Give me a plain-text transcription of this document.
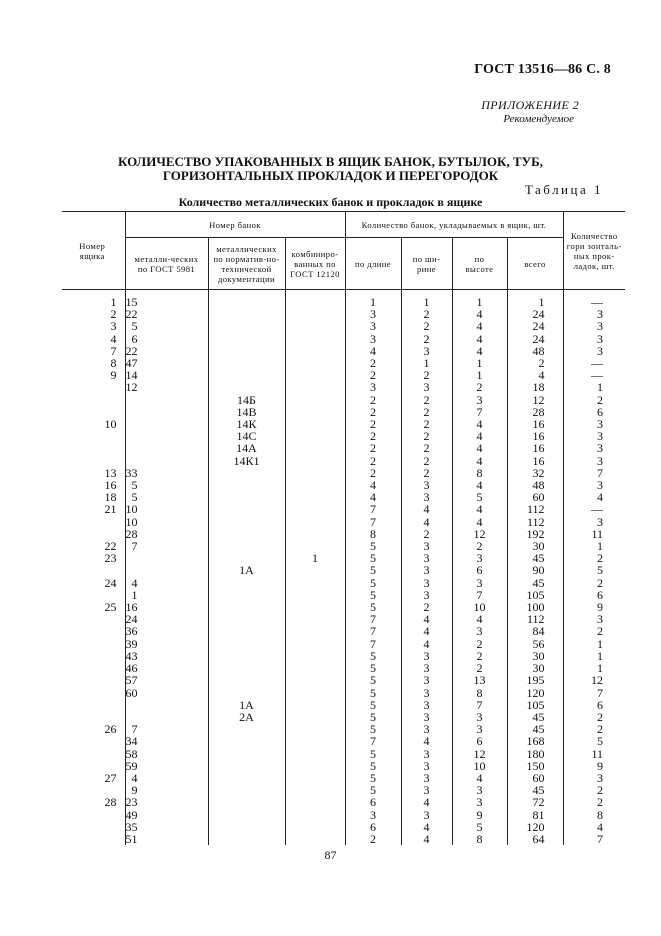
ГОСТ 13516—86 С. 8
ПРИЛОЖЕНИЕ 2
Рекомендуемое
КОЛИЧЕСТВО УПАКОВАННЫХ В ЯЩИК БАНОК, БУТЫЛОК, ТУБ,
ГОРИЗОНТАЛЬНЫХ ПРОКЛАДОК И ПЕРЕГОРОДОК
Таблица 1
Количество металлических банок и прокладок в ящике
Номер ящика	Номер банок			Количество банок, укладываемых в ящик, шт.				Количество гори зонталь-ных прок-ладок, шт.
	металли-ческих по ГОСТ 5981	металлических по норматив-но-технической документации	комбиниро-ванных по ГОСТ 12120	по длине	по ши-рине	по высоте	всего	

1	15			1	1	1	1	—
2	22			3	2	4	24	3
3	5			3	2	4	24	3
4	6			3	2	4	24	3
7	22			4	3	4	48	3
8	47			2	1	1	2	—
9	14			2	2	1	4	—
	12			3	3	2	18	1
		14Б		2	2	3	12	2
		14В		2	2	7	28	6
10		14К		2	2	4	16	3
		14С		2	2	4	16	3
		14А		2	2	4	16	3
		14К1		2	2	4	16	3
13	33			2	2	8	32	7
16	5			4	3	4	48	3
18	5			4	3	5	60	4
21	10			7	4	4	112	—
	10			7	4	4	112	3
	28			8	2	12	192	11
22	7			5	3	2	30	1
23			1	5	3	3	45	2
		1А		5	3	6	90	5
24	4			5	3	3	45	2
	1			5	3	7	105	6
25	16			5	2	10	100	9
	24			7	4	4	112	3
	36			7	4	3	84	2
	39			7	4	2	56	1
	43			5	3	2	30	1
	46			5	3	2	30	1
	57			5	3	13	195	12
	60			5	3	8	120	7
		1А		5	3	7	105	6
		2А		5	3	3	45	2
26	7			5	3	3	45	2
	34			7	4	6	168	5
	58			5	3	12	180	11
	59			5	3	10	150	9
27	4			5	3	4	60	3
	9			5	3	3	45	2
28	23			6	4	3	72	2
	49			3	3	9	81	8
	35			6	4	5	120	4
	51			2	4	8	64	7
87
